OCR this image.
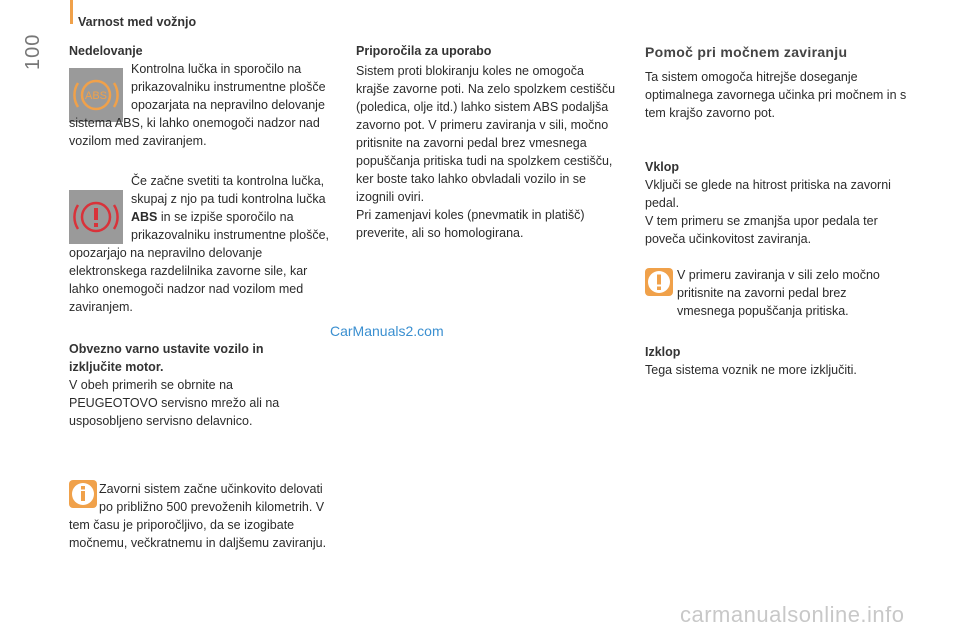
Varnost med vožnjo
100 Nedelovanje
ABS

Kontrolna lučka in sporočilo na prikazovalniku instrumentne plošče opozarjata na nepravilno delovanje sistema ABS, ki lahko onemogoči nadzor nad vozilom med zaviranjem.

Če začne svetiti ta kontrolna lučka, skupaj z njo pa tudi kontrolna lučka ABS in se izpiše sporočilo na prikazovalniku instrumentne plošče, opozarjajo na nepravilno delovanje elektronskega razdelilnika zavorne sile, kar lahko onemogoči nadzor nad vozilom med zaviranjem.

Obvezno varno ustavite vozilo in izključite motor.
V obeh primerih se obrnite na PEUGEOTOVO servisno mrežo ali na usposobljeno servisno delavnico.

Zavorni sistem začne učinkovito delovati po približno 500 prevoženih kilometrih. V tem času je priporočljivo, da se izogibate močnemu, večkratnemu in daljšemu zaviranju.

Priporočila za uporabo
Sistem proti blokiranju koles ne omogoča krajše zavorne poti. Na zelo spolzkem cestišču (poledica, olje itd.) lahko sistem ABS podaljša zavorno pot. V primeru zaviranja v sili, močno pritisnite na zavorni pedal brez vmesnega popuščanja pritiska tudi na spolzkem cestišču, ker boste tako lahko obvladali vozilo in se izognili oviri.
Pri zamenjavi koles (pnevmatik in platišč) preverite, ali so homologirana.
CarManuals2.com
Pomoč pri močnem zaviranju
Ta sistem omogoča hitrejše doseganje optimalnega zavornega učinka pri močnem in s tem krajšo zavorno pot.
Vklop
Vključi se glede na hitrost pritiska na zavorni pedal.
V tem primeru se zmanjša upor pedala ter poveča učinkovitost zaviranja.
V primeru zaviranja v sili zelo močno pritisnite na zavorni pedal brez vmesnega popuščanja pritiska.
Izklop
Tega sistema voznik ne more izključiti.
carmanualsonline.info
